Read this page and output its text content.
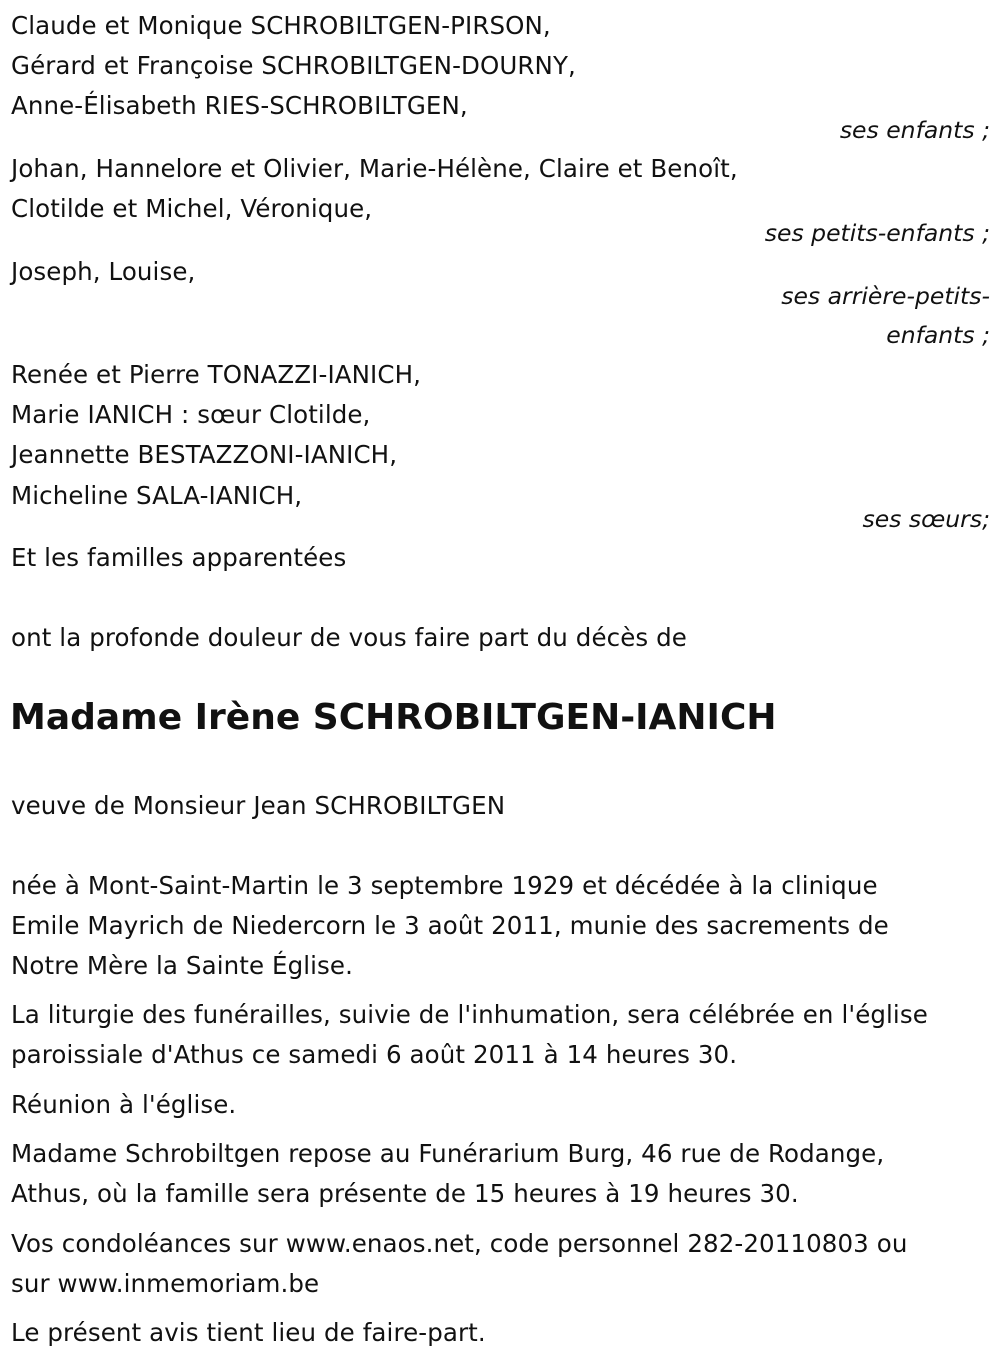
Claude et Monique SCHROBILTGEN-PIRSON,

Gérard et Françoise SCHROBILTGEN-DOURNY,

Anne-Élisabeth RIES-SCHROBILTGEN,

ses enfants ;

Johan, Hannelore et Olivier, Marie-Hélène, Claire et Benoît,

Clotilde et Michel, Véronique,

ses petits-enfants ;

Joseph, Louise,

ses arrière-petits-

enfants ;

Renée et Pierre TONAZZI-IANICH,

Marie IANICH : sœur Clotilde,

Jeannette BESTAZZONI-IANICH,

Micheline SALA-IANICH,

ses sœurs;

Et les familles apparentées

ont la profonde douleur de vous faire part du décès de

Madame Irène SCHROBILTGEN-IANICH

veuve de Monsieur Jean SCHROBILTGEN

née à Mont-Saint-Martin le 3 septembre 1929 et décédée à la clinique

Emile Mayrich de Niedercorn le 3 août 2011, munie des sacrements de

Notre Mère la Sainte Église.

La liturgie des funérailles, suivie de l'inhumation, sera célébrée en l'église

paroissiale d'Athus ce samedi 6 août 2011 à 14 heures 30.

Réunion à l'église.

Madame Schrobiltgen repose au Funérarium Burg, 46 rue de Rodange,

Athus, où la famille sera présente de 15 heures à 19 heures 30.

Vos condoléances sur www.enaos.net, code personnel 282-20110803 ou

sur www.inmemoriam.be

Le présent avis tient lieu de faire-part.
